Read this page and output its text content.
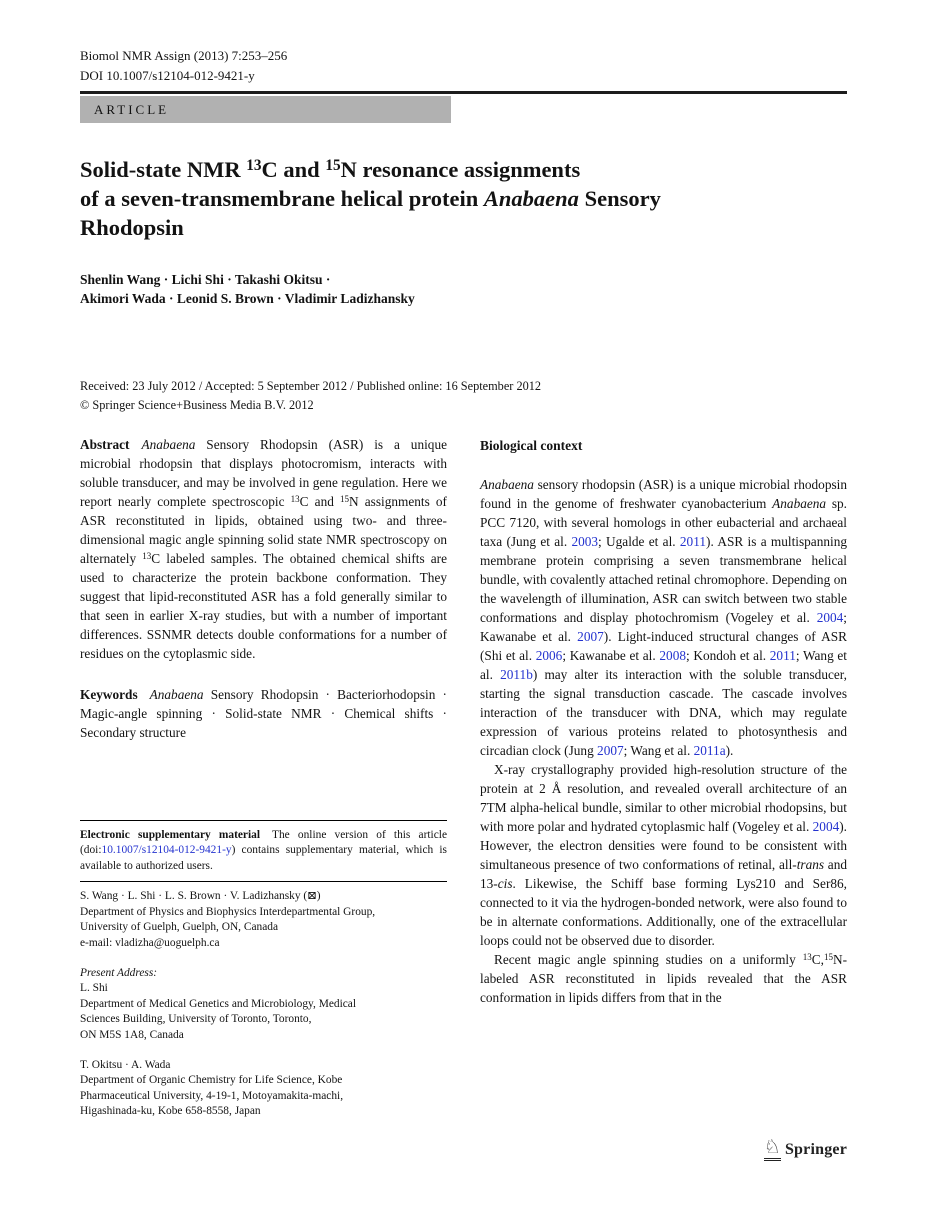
Biomol NMR Assign (2013) 7:253–256
DOI 10.1007/s12104-012-9421-y
ARTICLE
Solid-state NMR $^{13}$C and $^{15}$N resonance assignments
of a seven-transmembrane helical protein Anabaena Sensory
Rhodopsin
Shenlin Wang · Lichi Shi · Takashi Okitsu ·
Akimori Wada · Leonid S. Brown · Vladimir Ladizhansky
Received: 23 July 2012 / Accepted: 5 September 2012 / Published online: 16 September 2012
© Springer Science+Business Media B.V. 2012

Abstract Anabaena Sensory Rhodopsin (ASR) is a unique microbial rhodopsin that displays photocromism, interacts with soluble transducer, and may be involved in gene regulation. Here we report nearly complete spectroscopic $^{13}$C and $^{15}$N assignments of ASR reconstituted in lipids, obtained using two- and three-dimensional magic angle spinning solid state NMR spectroscopy on alternately $^{13}$C labeled samples. The obtained chemical shifts are used to characterize the protein backbone conformation. They suggest that lipid-reconstituted ASR has a fold generally similar to that seen in earlier X-ray studies, but with a number of important differences. SSNMR detects double conformations for a number of residues on the cytoplasmic side.

Keywords Anabaena Sensory Rhodopsin · Bacteriorhodopsin · Magic-angle spinning · Solid-state NMR · Chemical shifts · Secondary structure

Electronic supplementary material The online version of this article (doi:10.1007/s12104-012-9421-y) contains supplementary material, which is available to authorized users.
S. Wang · L. Shi · L. S. Brown · V. Ladizhansky (⊠)
Department of Physics and Biophysics Interdepartmental Group,
University of Guelph, Guelph, ON, Canada
e-mail: vladizha@uoguelph.ca
Present Address:
L. Shi
Department of Medical Genetics and Microbiology, Medical
Sciences Building, University of Toronto, Toronto,
ON M5S 1A8, Canada
T. Okitsu · A. Wada
Department of Organic Chemistry for Life Science, Kobe
Pharmaceutical University, 4-19-1, Motoyamakita-machi,
Higashinada-ku, Kobe 658-8558, Japan
Biological context

Anabaena sensory rhodopsin (ASR) is a unique microbial rhodopsin found in the genome of freshwater cyanobacterium Anabaena sp. PCC 7120, with several homologs in other eubacterial and archaeal taxa (Jung et al. 2003; Ugalde et al. 2011). ASR is a multispanning membrane protein comprising a seven transmembrane helical bundle, with covalently attached retinal chromophore. Depending on the wavelength of illumination, ASR can switch between two stable conformations and display photochromism (Vogeley et al. 2004; Kawanabe et al. 2007). Light-induced structural changes of ASR (Shi et al. 2006; Kawanabe et al. 2008; Kondoh et al. 2011; Wang et al. 2011b) may alter its interaction with the soluble transducer, starting the signal transduction cascade. The cascade involves interaction of the transducer with DNA, which may regulate expression of various proteins related to photosynthesis and circadian clock (Jung 2007; Wang et al. 2011a).

X-ray crystallography provided high-resolution structure of the protein at 2 Å resolution, and revealed overall architecture of an 7TM alpha-helical bundle, similar to other microbial rhodopsins, but with more polar and hydrated cytoplasmic half (Vogeley et al. 2004). However, the electron densities were found to be consistent with simultaneous presence of two conformations of retinal, all-trans and 13-cis. Likewise, the Schiff base forming Lys210 and Ser86, connected to it via the hydrogen-bonded network, were also found to be in alternate conformations. Additionally, one of the extracellular loops could not be observed due to disorder.

Recent magic angle spinning studies on a uniformly $^{13}$C,$^{15}$N-labeled ASR reconstituted in lipids revealed that the ASR conformation in lipids differs from that in the

♘ Springer
